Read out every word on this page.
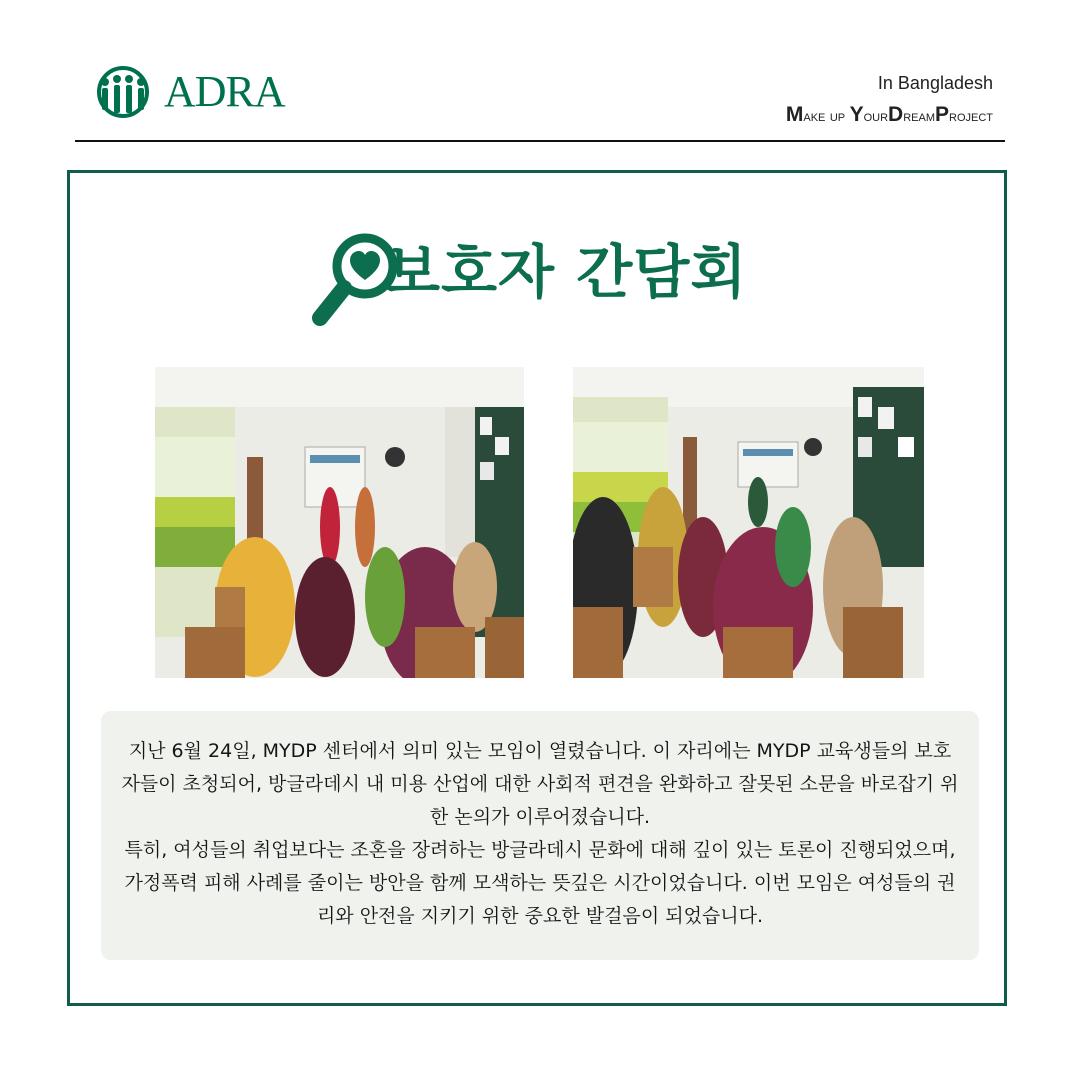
ADRA	In Bangladesh
Make up YourDreamProject
보호자 간담회

지난 6월 24일, MYDP 센터에서 의미 있는 모임이 열렸습니다. 이 자리에는 MYDP 교육생들의 보호자들이 초청되어, 방글라데시 내 미용 산업에 대한 사회적 편견을 완화하고 잘못된 소문을 바로잡기 위한 논의가 이루어졌습니다.

특히, 여성들의 취업보다는 조혼을 장려하는 방글라데시 문화에 대해 깊이 있는 토론이 진행되었으며, 가정폭력 피해 사례를 줄이는 방안을 함께 모색하는 뜻깊은 시간이었습니다. 이번 모임은 여성들의 권리와 안전을 지키기 위한 중요한 발걸음이 되었습니다.
